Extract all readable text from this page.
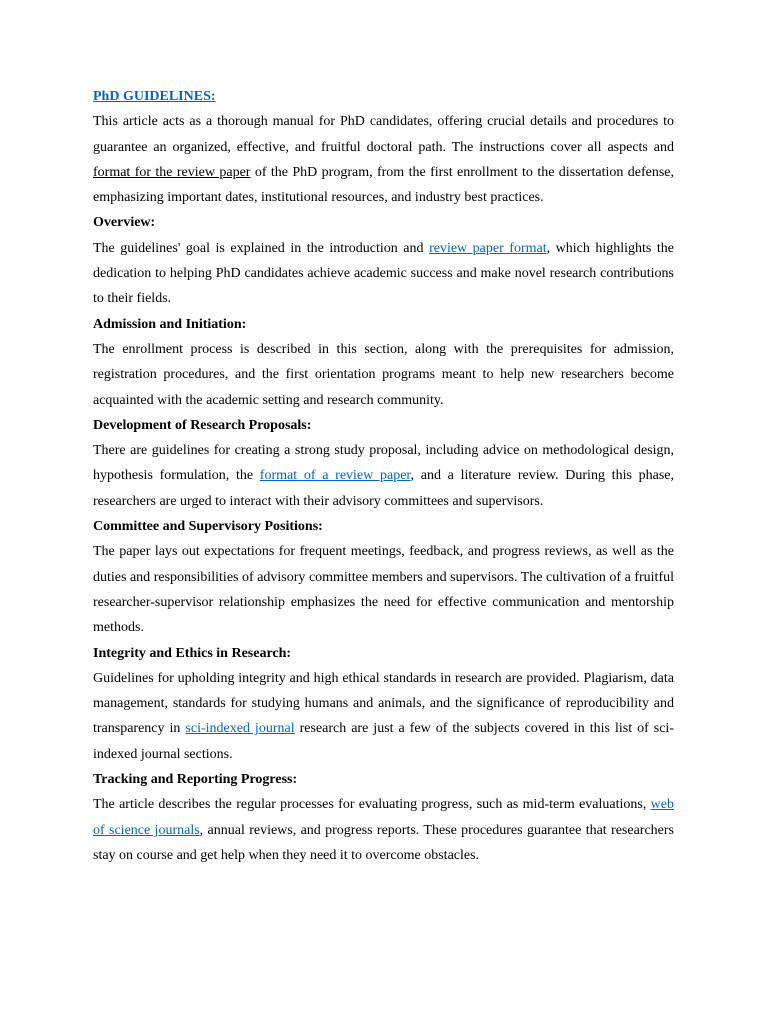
PhD GUIDELINES:

This article acts as a thorough manual for PhD candidates, offering crucial details and procedures to guarantee an organized, effective, and fruitful doctoral path. The instructions cover all aspects and format for the review paper of the PhD program, from the first enrollment to the dissertation defense, emphasizing important dates, institutional resources, and industry best practices.

Overview:

The guidelines' goal is explained in the introduction and review paper format, which highlights the dedication to helping PhD candidates achieve academic success and make novel research contributions to their fields.

Admission and Initiation:

The enrollment process is described in this section, along with the prerequisites for admission, registration procedures, and the first orientation programs meant to help new researchers become acquainted with the academic setting and research community.

Development of Research Proposals:

There are guidelines for creating a strong study proposal, including advice on methodological design, hypothesis formulation, the format of a review paper, and a literature review. During this phase, researchers are urged to interact with their advisory committees and supervisors.

Committee and Supervisory Positions:

The paper lays out expectations for frequent meetings, feedback, and progress reviews, as well as the duties and responsibilities of advisory committee members and supervisors. The cultivation of a fruitful researcher-supervisor relationship emphasizes the need for effective communication and mentorship methods.

Integrity and Ethics in Research:

Guidelines for upholding integrity and high ethical standards in research are provided. Plagiarism, data management, standards for studying humans and animals, and the significance of reproducibility and transparency in sci-indexed journal research are just a few of the subjects covered in this list of sci-indexed journal sections.

Tracking and Reporting Progress:

The article describes the regular processes for evaluating progress, such as mid-term evaluations, web of science journals, annual reviews, and progress reports. These procedures guarantee that researchers stay on course and get help when they need it to overcome obstacles.
